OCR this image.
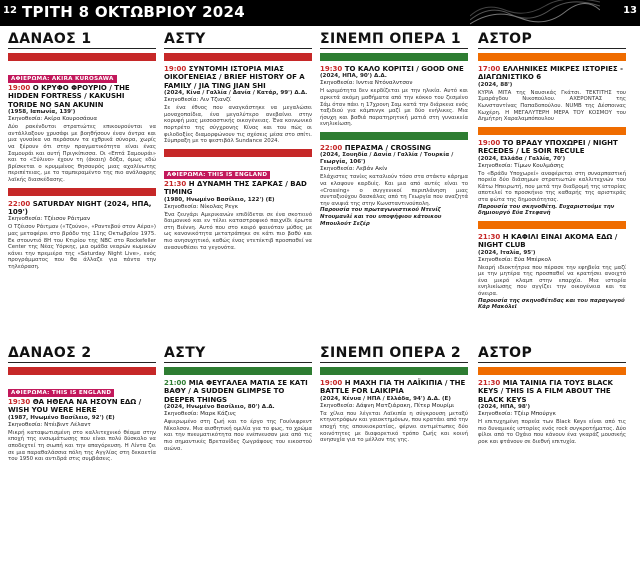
12 ΤΡΙΤΗ 8 ΟΚΤΩΒΡΙΟΥ 2024	13
ΔΑΝΑΟΣ 1
ΑΦΙΕΡΩΜΑ: AKIRA KUROSAWA
19:00 Ο ΚΡΥΦΟ ΦΡΟΥΡΙΟ / THE HIDDEN FORTRESS / KAKUSHI TORIDE NO SAN AKUNIN
(1958, Ιαπωνία, 139')
Σκηνοθεσία: Ακίρα Κουροσάουα
Δύο ρακένδυτοι στρατιώτες επικουρούνται να αντάλλαξουν χρυσάφι με βοηθήσουν έναν άντρα και μια γυναίκα να περάσουν τα εχθρικά σύνορα, χωρίς να ξέρουν ότι στην πραγματικότητα είναι ένας Σαμουράι και αυτή Πριγκίπισσα. Οι «Επτά Σαμουράι» και το «Ξύλινο» έχουν τη (άκαιη) δόξα, όμως εδώ βρίσκεται ο κρυμμένος θησαυρός μιας αχαλίνωτης περιπέτειας, με το ταμπεραμέντο της πιο ανάλαφρης λαϊκής διασκέδασης.
22:00 SATURDAY NIGHT (2024, ΗΠΑ, 109')
Σκηνοθεσία: Τζέισον Ράιτμαν
Ο Τζέισον Ράιτμαν («Τζούνο», «Ραντεβού στον Αέρα») μας μεταφέρει στο βράδυ της 11ης Οκτωβρίου 1975. Εκ στουντιό 8Η του Κτιρίου της NBC στο Rockefeller Center της Νέας Υόρκης, μια ομάδα νεαρών κωμικών κάνει την πρεμιέρα της «Saturday Night Live», ενός προγράμματος που θα άλλαζε για πάντα την τηλεόραση.
ΔΑΝΑΟΣ 2
ΑΦΙΕΡΩΜΑ: THIS IS ENGLAND
19:30 ΘΑ ΗΘΕΛΑ ΝΑ ΗΣΟΥΝ ΕΔΩ / WISH YOU WERE HERE
(1987, Ηνωμένο Βασίλειο, 92') (Ε)
Σκηνοθεσία: Ντέιβιντ Λέλαντ
Μικρή καταφωτισμένη στο καλλιτεχνικό θέαμα στην εποχή της ενσωμάτωσης που είναι πολύ δύσκολο να αποδεχτεί τη σιωπή και την απαγόρευση. Η Λίντα ζει σε μια παραθαλάσσια πόλη της Αγγλίας στη δεκαετία του 1950 και αντιδρά στις συμβάσεις.
ΑΣΤΥ
19:00 ΣΥΝΤΟΜΗ ΙΣΤΟΡΙΑ ΜΙΑΣ ΟΙΚΟΓΕΝΕΙΑΣ / BRIEF HISTORY OF A FAMILY / JIA TING JIAN SHI
(2024, Κίνα / Γαλλία / Δανία / Κατάρ, 99') Δ.Δ.
Σκηνοθεσία: Λιν Τζιανζί
Σε ένα έθνος που αναγκάστηκε να μεγαλώσει μοναχοπαίδια, ένα μεγαλύτερο ανεβαίνει στην κορυφή μιας μεσοαστικής οικογένειας. Ένα κοινωνικό πορτρέτο της σύγχρονης Κίνας και του πώς οι φιλοδοξίες διαμορφώνουν τις σχέσεις μέσα στο σπίτι. Σύμπραξη με το φεστιβάλ Sundance 2024.
ΑΦΙΕΡΩΜΑ: THIS IS ENGLAND
21:30 Η ΔΥΝΑΜΗ ΤΗΣ ΣΑΡΚΑΣ / BAD TIMING
(1980, Ηνωμένο Βασίλειο, 122') (Ε)
Σκηνοθεσία: Νίκολας Ρεγκ
Ένα ζευγάρι Αμερικανών επιδίδεται σε ένα σκοτεινό δαιμονικό και εν τέλει καταστροφικό παιχνίδι έρωτα στη Βιέννη. Αυτό που στο καιρό φαινόταν μύθος με ως κανονικότητα μετατράπηκε σε κάτι πιο βαθύ και πιο ανησυχητικό, καθώς ένας ντετέκτιβ προσπαθεί να ανασυνθέσει τα γεγονότα.
ΑΣΤΥ
21:00 ΜΙΑ ΦΕΥΓΑΛΕΑ ΜΑΤΙΑ ΣΕ ΚΑΤΙ ΒΑΘΥ / A SUDDEN GLIMPSE TO DEEPER THINGS
(2024, Ηνωμένο Βασίλειο, 80') Δ.Δ.
Σκηνοθεσία: Μαρκ Κάζινς
Αφιερωμένο στη ζωή και το έργο της Γουίνιφρεντ Νίκολσον. Μια αισθητική ομιλία για το φως, το χρώμα και την πνευματικότητα που ενέπνευσαν μια από τις πιο σημαντικές Βρετανίδες ζωγράφους του εικοστού αιώνα.
ΣΙΝΕΜΠ ΟΠΕΡΑ 1
19:30 ΤΟ ΚΑΛΟ ΚΟΡΙΤΣΙ / GOOD ONE
(2024, ΗΠΑ, 90') Δ.Δ.
Σκηνοθεσία: Ινντια Ντόναλντσον
Η ωριμότητα δεν κερδίζεται με την ηλικία. Αυτό και αρκετά ακόμη μαθήματα από την κόκκο του ζεσμένο Σάμ όταν πάει η 17χρονη Σαμ κατά την διάρκεια ενός ταξιδιού για κάμπινγκ μαζί με δύο ενήλικες. Μια ήσυχη και βαθιά παρατηρητική ματιά στη γυναικεία ενηλικίωση.
22:00 ΠΕΡΑΣΜΑ / CROSSING
(2024, Σουηδία / Δανία / Γαλλία / Τουρκία / Γεωργία, 106')
Σκηνοθεσία: Λεβάν Ακίν
Ελάχιστες τανίες καταλιούν τόσο στα στάκτυ κάρημα να κλαψουν καρδιές. Και μια από αυτές είναι το «Crossing» ο συγγενικοί περιπλάνηση μιας συνταξιούχου δασκάλας από τη Γεωργία που αναζητά την ανιψιά της στην Κωνσταντινούπολη.
Παρουσία του πρωταγωνιστικού Ντενίζ Ντουμανλί και του υποψήφιου κάτοικου Μπουλούτ Σεζέρ
ΣΙΝΕΜΠ ΟΠΕΡΑ 2
19:00 Η ΜΑΧΗ ΓΙΑ ΤΗ ΛΑΪΚΙΠΙΑ / THE BATTLE FOR LAIKIPIA
(2024, Κένυα / ΗΠΑ / Ελλάδα, 94') Δ.Δ. (Ε)
Σκηνοθεσία: Δάφνη Ματζιάρακη, Πίτερ Μουρίμι
Τα χίλια που λέγεται Λαϊκιπία η σύγκρουση μεταξύ κτηνοτρόφων και γαιοκτημόνων, που κρατάει από την εποχή της αποικιοκρατίας, φέρνει αντιμέτωπες δύο κοινότητες με διαφορετικό τρόπο ζωής και κοινή ανησυχία για το μέλλον της γης.
ΑΣΤΟΡ
17:00 ΕΛΛΗΝΙΚΕΣ ΜΙΚΡΕΣ ΙΣΤΟΡΙΕΣ - ΔΙΑΓΩΝΙΣΤΙΚΟ 6
(2024, 88')
ΚΥΡΙΑ ΜΙΤΑ της Ναυσικάς Γκάτσι. ΤΕΚΤΙΤΗΣ του Σμαράγδου Νικοπούλου. ΑΧΕΡΟΝΤΑΣ της Κωνσταντίνας Παπαδοπούλου. NUMB της Δέσποινας Κωχέρη. Η ΜΕΓΑΛΥΤΕΡΗ ΜΕΡΑ ΤΟΥ ΚΟΣΜΟΥ του Δημήτρη Χαραλαμπόπουλου
19:00 ΤΟ ΒΡΑΔΥ ΥΠΟΧΩΡΕΙ / NIGHT RECEDES / LE SOIR RECULE
(2024, Ελλάδα / Γαλλία, 70')
Σκηνοθεσία: Τίμων Κουλμάσης
Το «Βράδυ Υποχωρεί» αναφέρεται στη συναρπαστική πορεία δύο διάσημων στρατιωτών καλλιτεχνών του Κάτω Ηπειρωτή, που μετά την διαδρομή της ιστορίας αποτελεί το προσκήνιο της καθαρής της αριστεράς στα φώτα της δημοσιότητας.
Παρουσία του σκηνοθέτη. Ευχαριστούμε την δημιουργό Εύα Στεφανή
21:30 Η ΚΑΦΙΛΙ ΕΙΝΑΙ ΑΚΟΜΑ ΕΔΩ / NIGHT CLUB
(2024, Ιταλία, 95')
Σκηνοθεσία: Εύα Μπέρκολ
Νεαρή ιδιοκτήτρια που πέρασε την εφηβεία της μαζί με την μητέρα της προσπαθεί να κρατήσει ανοιχτό ένα μικρό κλαμπ στην επαρχία. Μια ιστορία ενηλικίωσης που αγγίζει την οικογένεια και τα όνειρα.
Παρουσία της σκηνοθέτιδας και του παραγωγού Κάρ Μακόλεϊ
ΑΣΤΟΡ
21:30 ΜΙΑ ΤΑΙΝΙΑ ΓΙΑ ΤΟΥΣ BLACK KEYS / THIS IS A FILM ABOUT THE BLACK KEYS
(2024, ΗΠΑ, 98')
Σκηνοθεσία: Τζέιρ Μπούργκ
Η επιτυχημένη πορεία των Black Keys είναι από τις πιο δυναμικές ιστορίες ενός rock συγκροτήματος. Δύο φίλοι από το Οχάιο που κάνουν ένα γκαράζ μουσικής ροκ και φτάνουν σε διεθνή επιτυχία.
